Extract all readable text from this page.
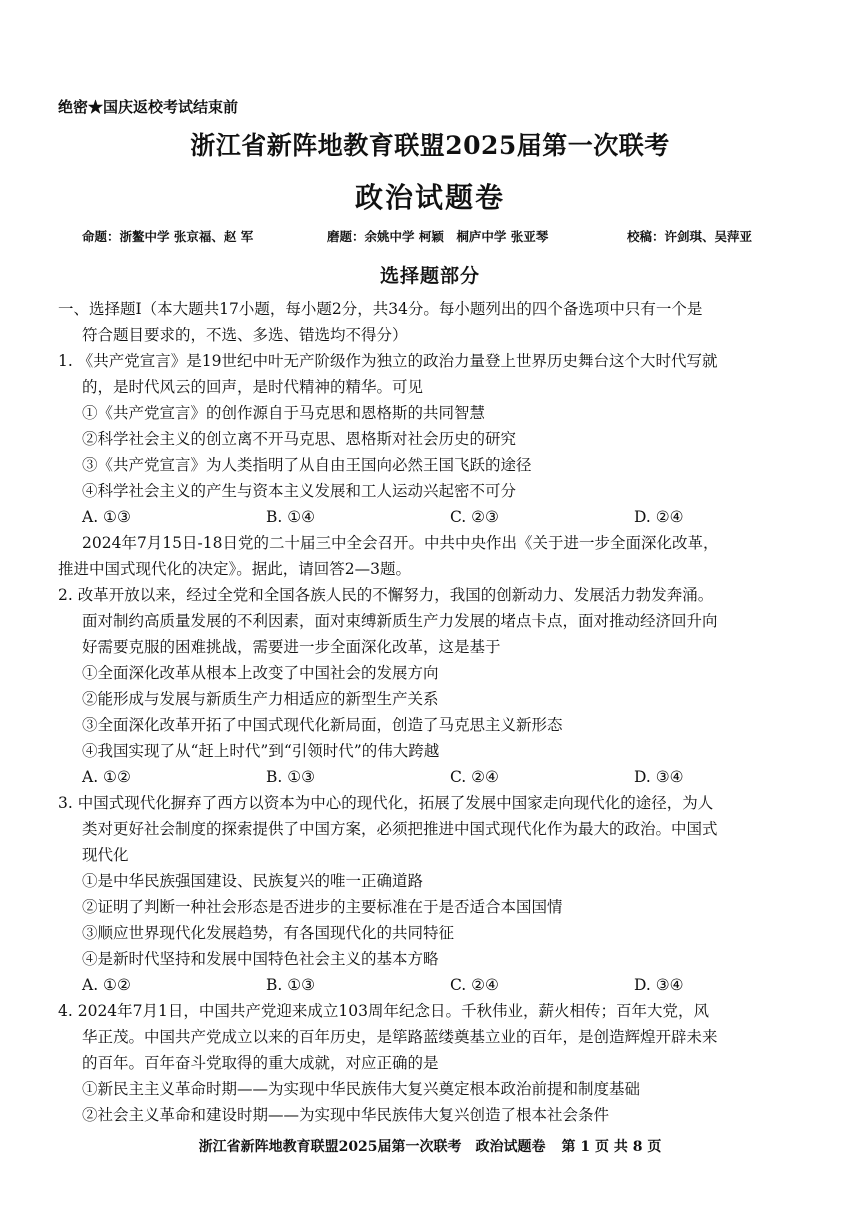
绝密★国庆返校考试结束前
浙江省新阵地教育联盟2025届第一次联考
政治试题卷
命题：浙鳌中学 张京福、赵 军	磨题：余姚中学 柯颖　桐庐中学 张亚琴	校稿：许剑琪、吴萍亚
选择题部分
一、选择题Ⅰ（本大题共17小题，每小题2分，共34分。每小题列出的四个备选项中只有一个是
符合题目要求的，不选、多选、错选均不得分）
1. 《共产党宣言》是19世纪中叶无产阶级作为独立的政治力量登上世界历史舞台这个大时代写就
的，是时代风云的回声，是时代精神的精华。可见
①《共产党宣言》的创作源自于马克思和恩格斯的共同智慧
②科学社会主义的创立离不开马克思、恩格斯对社会历史的研究
③《共产党宣言》为人类指明了从自由王国向必然王国飞跃的途径
④科学社会主义的产生与资本主义发展和工人运动兴起密不可分
A. ①③	B. ①④	C. ②③	D. ②④
2024年7月15日-18日党的二十届三中全会召开。中共中央作出《关于进一步全面深化改革，
推进中国式现代化的决定》。据此，请回答2—3题。
2. 改革开放以来，经过全党和全国各族人民的不懈努力，我国的创新动力、发展活力勃发奔涌。
面对制约高质量发展的不利因素，面对束缚新质生产力发展的堵点卡点，面对推动经济回升向
好需要克服的困难挑战，需要进一步全面深化改革，这是基于
①全面深化改革从根本上改变了中国社会的发展方向
②能形成与发展与新质生产力相适应的新型生产关系
③全面深化改革开拓了中国式现代化新局面，创造了马克思主义新形态
④我国实现了从“赶上时代”到“引领时代”的伟大跨越
A. ①②	B. ①③	C. ②④	D. ③④
3. 中国式现代化摒弃了西方以资本为中心的现代化，拓展了发展中国家走向现代化的途径，为人
类对更好社会制度的探索提供了中国方案，必须把推进中国式现代化作为最大的政治。中国式
现代化
①是中华民族强国建设、民族复兴的唯一正确道路
②证明了判断一种社会形态是否进步的主要标准在于是否适合本国国情
③顺应世界现代化发展趋势，有各国现代化的共同特征
④是新时代坚持和发展中国特色社会主义的基本方略
A. ①②	B. ①③	C. ②④	D. ③④
4. 2024年7月1日，中国共产党迎来成立103周年纪念日。千秋伟业，薪火相传；百年大党，风
华正茂。中国共产党成立以来的百年历史，是筚路蓝缕奠基立业的百年，是创造辉煌开辟未来
的百年。百年奋斗党取得的重大成就，对应正确的是
①新民主主义革命时期——为实现中华民族伟大复兴奠定根本政治前提和制度基础
②社会主义革命和建设时期——为实现中华民族伟大复兴创造了根本社会条件
浙江省新阵地教育联盟2025届第一次联考　政治试题卷 第 1 页 共 8 页
